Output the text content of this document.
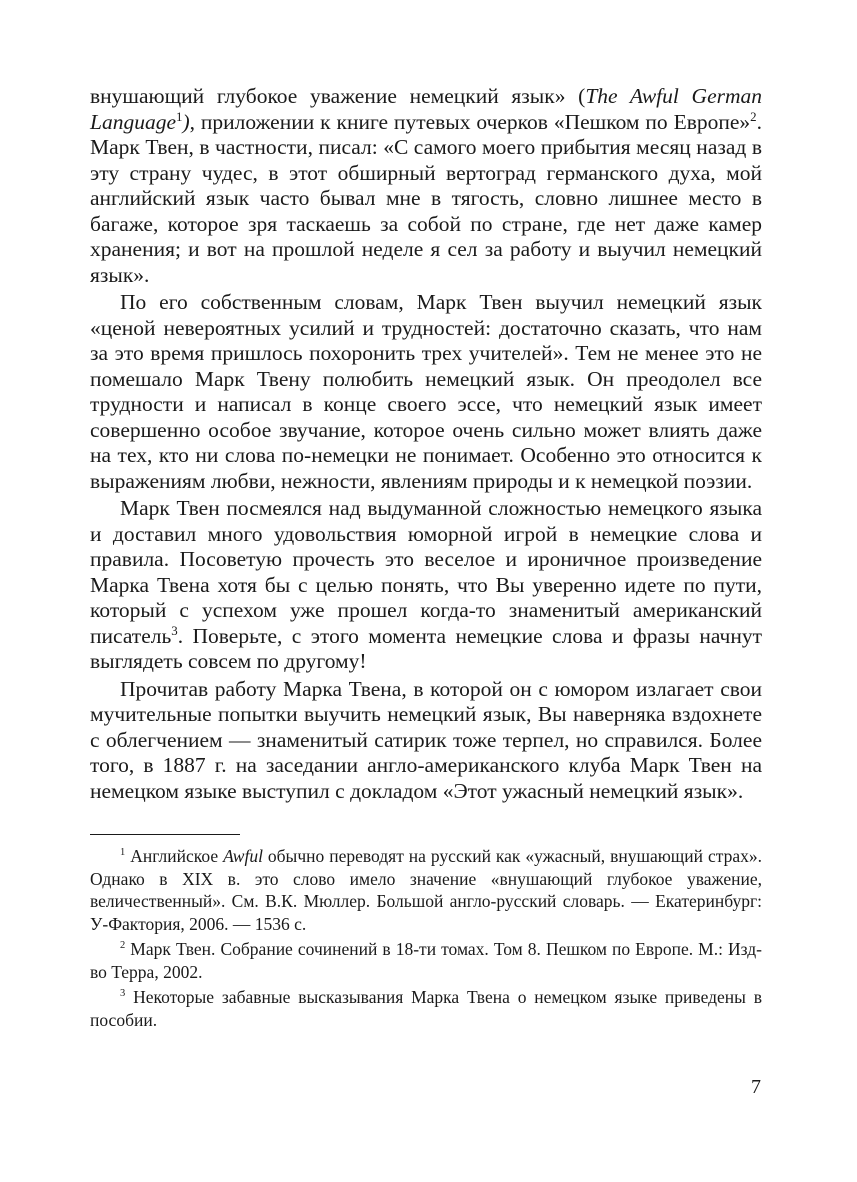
внушающий глубокое уважение немецкий язык» (The Awful German Language$^1$), приложении к книге путевых очерков «Пешком по Европе»$^2$. Марк Твен, в частности, писал: «С самого моего прибытия месяц назад в эту страну чудес, в этот обширный вертоград германского духа, мой английский язык часто бывал мне в тягость, словно лишнее место в багаже, которое зря таскаешь за собой по стране, где нет даже камер хранения; и вот на прошлой неделе я сел за работу и выучил немецкий язык».

По его собственным словам, Марк Твен выучил немецкий язык «ценой невероятных усилий и трудностей: достаточно сказать, что нам за это время пришлось похоронить трех учителей». Тем не менее это не помешало Марк Твену полюбить немецкий язык. Он преодолел все трудности и написал в конце своего эссе, что немецкий язык имеет совершенно особое звучание, которое очень сильно может влиять даже на тех, кто ни слова по-немецки не понимает. Особенно это относится к выражениям любви, нежности, явлениям природы и к немецкой поэзии.

Марк Твен посмеялся над выдуманной сложностью немецкого языка и доставил много удовольствия юморной игрой в немецкие слова и правила. Посоветую прочесть это веселое и ироничное произведение Марка Твена хотя бы с целью понять, что Вы уверенно идете по пути, который с успехом уже прошел когда-то знаменитый американский писатель$^3$. Поверьте, с этого момента немецкие слова и фразы начнут выглядеть совсем по другому!

Прочитав работу Марка Твена, в которой он с юмором излагает свои мучительные попытки выучить немецкий язык, Вы наверняка вздохнете с облегчением — знаменитый сатирик тоже терпел, но справился. Более того, в 1887 г. на заседании англо-американского клуба Марк Твен на немецком языке выступил с докладом «Этот ужасный немецкий язык».

$^1$ Английское Awful обычно переводят на русский как «ужасный, внушающий страх». Однако в XIX в. это слово имело значение «внушающий глубокое уважение, величественный». См. В.К. Мюллер. Большой англо-русский словарь. — Екатеринбург: У-Фактория, 2006. — 1536 с.

$^2$ Марк Твен. Собрание сочинений в 18-ти томах. Том 8. Пешком по Европе. М.: Изд-во Терра, 2002.

$^3$ Некоторые забавные высказывания Марка Твена о немецком языке приведены в пособии.

7
